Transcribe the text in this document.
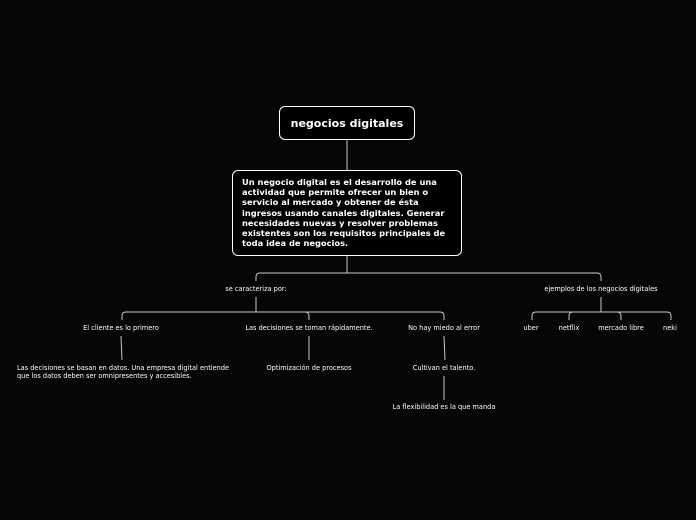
negocios digitales
Un negocio digital es el desarrollo de una actividad que permite ofrecer un bien o servicio al mercado y obtener de ésta ingresos usando canales digitales. Generar necesidades nuevas y resolver problemas existentes son los requisitos principales de toda idea de negocios.
se caracteriza por:	ejemplos de los negocios digitales
El cliente es lo primero	Las decisiones se toman rápidamente.	No hay miedo al error
Las decisiones se basan en datos. Una empresa digital entiende que los datos deben ser omnipresentes y accesibles.
Optimización de procesos	Cultivan el talento.
La flexibilidad es la que manda
uber	netflix	mercado libre	neki
